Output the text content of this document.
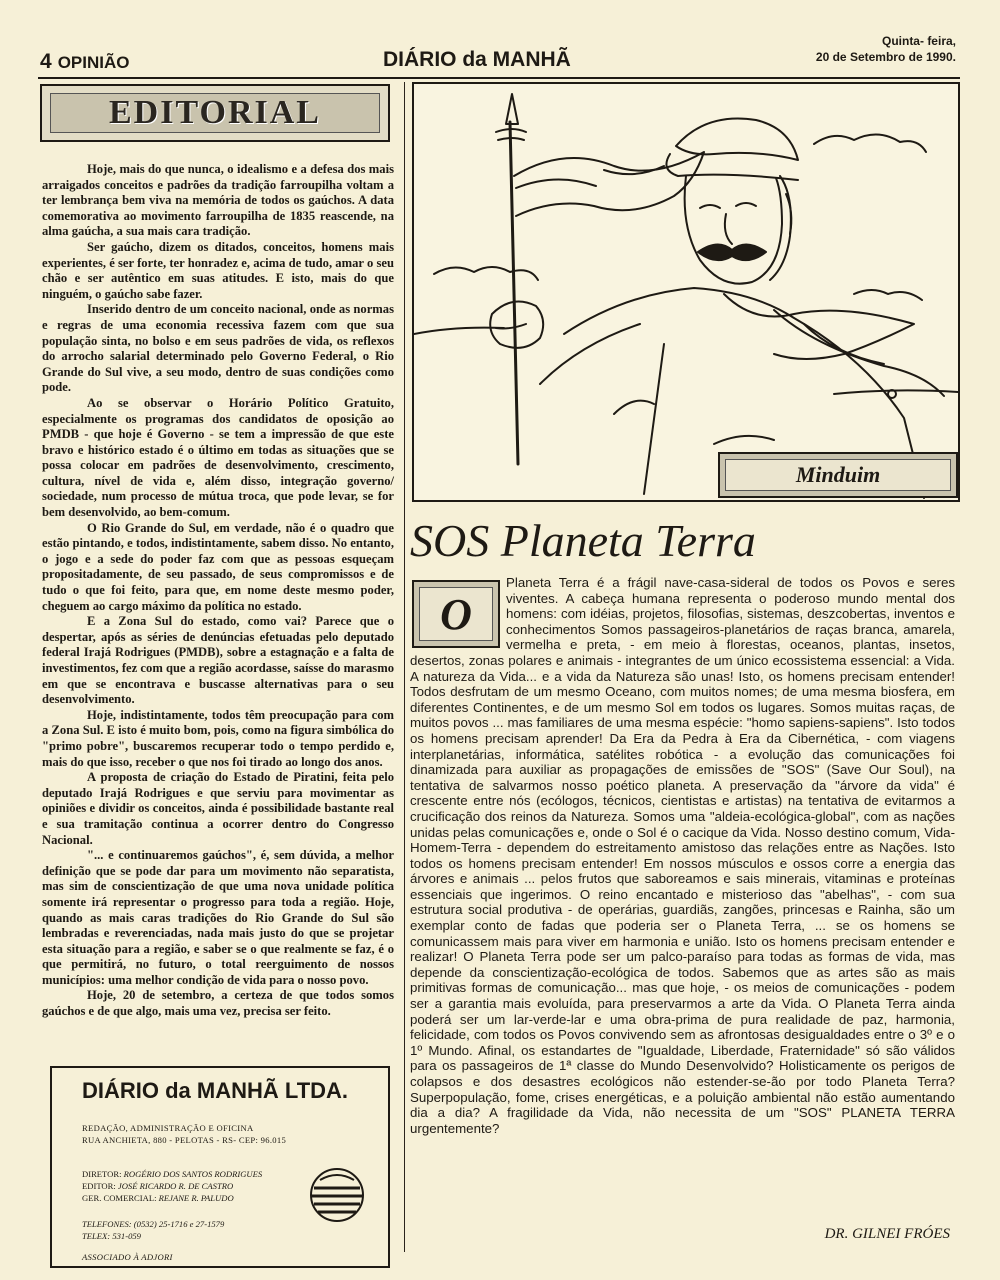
4 OPINIÃO	DIÁRIO da MANHÃ
Quinta- feira,
20 de Setembro de 1990.
EDITORIAL

Hoje, mais do que nunca, o idealismo e a defesa dos mais arraigados conceitos e padrões da tradição farroupilha voltam a ter lembrança bem viva na memória de todos os gaúchos. A data comemorativa ao movimento farroupilha de 1835 reascende, na alma gaúcha, a sua mais cara tradição.

Ser gaúcho, dizem os ditados, conceitos, homens mais experientes, é ser forte, ter honradez e, acima de tudo, amar o seu chão e ser autêntico em suas atitudes. E isto, mais do que ninguém, o gaúcho sabe fazer.

Inserido dentro de um conceito nacional, onde as normas e regras de uma economia recessiva fazem com que sua população sinta, no bolso e em seus padrões de vida, os reflexos do arrocho salarial determinado pelo Governo Federal, o Rio Grande do Sul vive, a seu modo, dentro de suas condições como pode.

Ao se observar o Horário Político Gratuito, especialmente os programas dos candidatos de oposição ao PMDB - que hoje é Governo - se tem a impressão de que este bravo e histórico estado é o último em todas as situações que se possa colocar em padrões de desenvolvimento, crescimento, cultura, nível de vida e, além disso, integração governo/ sociedade, num processo de mútua troca, que pode levar, se for bem desenvolvido, ao bem-comum.

O Rio Grande do Sul, em verdade, não é o quadro que estão pintando, e todos, indistintamente, sabem disso. No entanto, o jogo e a sede do poder faz com que as pessoas esqueçam propositadamente, de seu passado, de seus compromissos e de tudo o que foi feito, para que, em nome deste mesmo poder, cheguem ao cargo máximo da política no estado.

E a Zona Sul do estado, como vai? Parece que o despertar, após as séries de denúncias efetuadas pelo deputado federal Irajá Rodrigues (PMDB), sobre a estagnação e a falta de investimentos, fez com que a região acordasse, saísse do marasmo em que se encontrava e buscasse alternativas para o seu desenvolvimento.

Hoje, indistintamente, todos têm preocupação para com a Zona Sul. E isto é muito bom, pois, como na figura simbólica do "primo pobre", buscaremos recuperar todo o tempo perdido e, mais do que isso, receber o que nos foi tirado ao longo dos anos.

A proposta de criação do Estado de Piratini, feita pelo deputado Irajá Rodrigues e que serviu para movimentar as opiniões e dividir os conceitos, ainda é possibilidade bastante real e sua tramitação continua a ocorrer dentro do Congresso Nacional.

"... e continuaremos gaúchos", é, sem dúvida, a melhor definição que se pode dar para um movimento não separatista, mas sim de conscientização de que uma nova unidade política somente irá representar o progresso para toda a região. Hoje, quando as mais caras tradições do Rio Grande do Sul são lembradas e reverenciadas, nada mais justo do que se projetar esta situação para a região, e saber se o que realmente se faz, é o que permitirá, no futuro, o total reerguimento de nossos municípios: uma melhor condição de vida para o nosso povo.

Hoje, 20 de setembro, a certeza de que todos somos gaúchos e de que algo, mais uma vez, precisa ser feito.

Minduim
SOS Planeta Terra
O
Planeta Terra é a frágil nave-casa-sideral de todos os Povos e seres viventes. A cabeça humana representa o poderoso mundo mental dos homens: com idéias, projetos, filosofias, sistemas, deszcobertas, inventos e conhecimentos Somos passageiros-planetários de raças branca, amarela, vermelha e preta, - em meio à florestas, oceanos, plantas, insetos, desertos, zonas polares e animais - integrantes de um único ecossistema essencial: a Vida. A natureza da Vida... e a vida da Natureza são unas! Isto, os homens precisam entender! Todos desfrutam de um mesmo Oceano, com muitos nomes; de uma mesma biosfera, em diferentes Continentes, e de um mesmo Sol em todos os lugares. Somos muitas raças, de muitos povos ... mas familiares de uma mesma espécie: "homo sapiens-sapiens". Isto todos os homens precisam aprender! Da Era da Pedra à Era da Cibernética, - com viagens interplanetárias, informática, satélites robótica - a evolução das comunicações foi dinamizada para auxiliar as propagações de emissões de "SOS" (Save Our Soul), na tentativa de salvarmos nosso poético planeta. A preservação da "árvore da vida" é crescente entre nós (ecólogos, técnicos, cientistas e artistas) na tentativa de evitarmos a crucificação dos reinos da Natureza. Somos uma "aldeia-ecológica-global", com as nações unidas pelas comunicações e, onde o Sol é o cacique da Vida. Nosso destino comum, Vida-Homem-Terra - dependem do estreitamento amistoso das relações entre as Nações. Isto todos os homens precisam entender! Em nossos músculos e ossos corre a energia das árvores e animais ... pelos frutos que saboreamos e sais minerais, vitaminas e proteínas essenciais que ingerimos. O reino encantado e misterioso das "abelhas", - com sua estrutura social produtiva - de operárias, guardiãs, zangões, princesas e Rainha, são um exemplar conto de fadas que poderia ser o Planeta Terra, ... se os homens se comunicassem mais para viver em harmonia e união. Isto os homens precisam entender e realizar! O Planeta Terra pode ser um palco-paraíso para todas as formas de vida, mas depende da conscientização-ecológica de todos. Sabemos que as artes são as mais primitivas formas de comunicação... mas que hoje, - os meios de comunicações - podem ser a garantia mais evoluída, para preservarmos a arte da Vida. O Planeta Terra ainda poderá ser um lar-verde-lar e uma obra-prima de pura realidade de paz, harmonia, felicidade, com todos os Povos convivendo sem as afrontosas desigualdades entre o 3º e o 1º Mundo. Afinal, os estandartes de "Igualdade, Liberdade, Fraternidade" só são válidos para os passageiros de 1ª classe do Mundo Desenvolvido? Holisticamente os perigos de colapsos e dos desastres ecológicos não estender-se-ão por todo Planeta Terra? Superpopulação, fome, crises energéticas, e a poluição ambiental não estão aumentando dia a dia? A fragilidade da Vida, não necessita de um "SOS" PLANETA TERRA urgentemente?
DR. GILNEI FRÓES
DIÁRIO da MANHÃ LTDA.
REDAÇÃO, ADMINISTRAÇÃO E OFICINA
RUA ANCHIETA, 880 - PELOTAS - RS- CEP: 96.015
DIRETOR: ROGÉRIO DOS SANTOS RODRIGUES
EDITOR: JOSÉ RICARDO R. DE CASTRO
GER. COMERCIAL: REJANE R. PALUDO
TELEFONES: (0532) 25-1716 e 27-1579
TELEX: 531-059
ASSOCIADO À ADJORI
